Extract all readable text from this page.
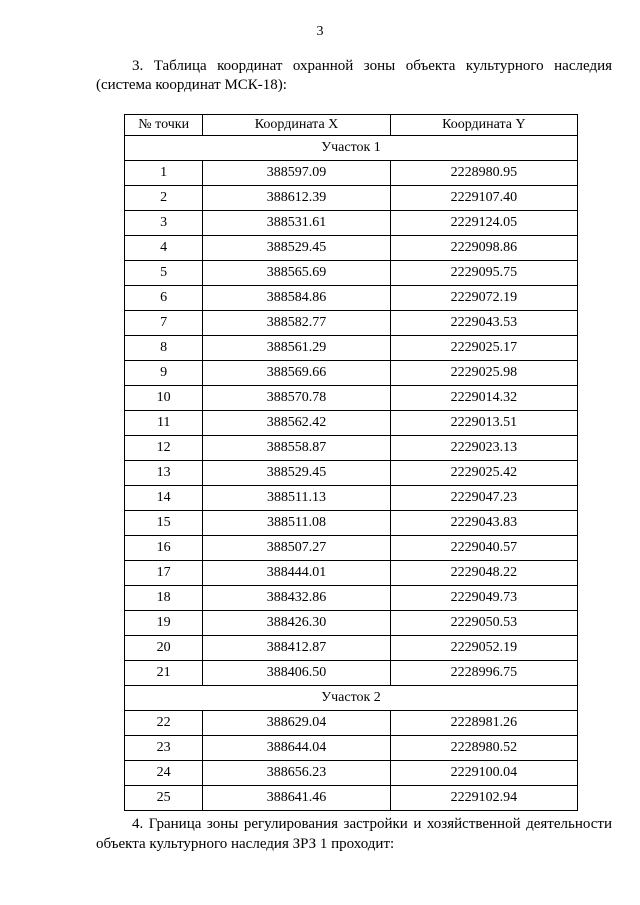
3
3. Таблица координат охранной зоны объекта культурного наследия
(система координат МСК-18):
№ точки	Координата X	Координата Y
Участок 1		
1	388597.09	2228980.95
2	388612.39	2229107.40
3	388531.61	2229124.05
4	388529.45	2229098.86
5	388565.69	2229095.75
6	388584.86	2229072.19
7	388582.77	2229043.53
8	388561.29	2229025.17
9	388569.66	2229025.98
10	388570.78	2229014.32
11	388562.42	2229013.51
12	388558.87	2229023.13
13	388529.45	2229025.42
14	388511.13	2229047.23
15	388511.08	2229043.83
16	388507.27	2229040.57
17	388444.01	2229048.22
18	388432.86	2229049.73
19	388426.30	2229050.53
20	388412.87	2229052.19
21	388406.50	2228996.75
Участок 2		
22	388629.04	2228981.26
23	388644.04	2228980.52
24	388656.23	2229100.04
25	388641.46	2229102.94
4. Граница зоны регулирования застройки и хозяйственной деятельности
объекта культурного наследия ЗРЗ 1 проходит:
